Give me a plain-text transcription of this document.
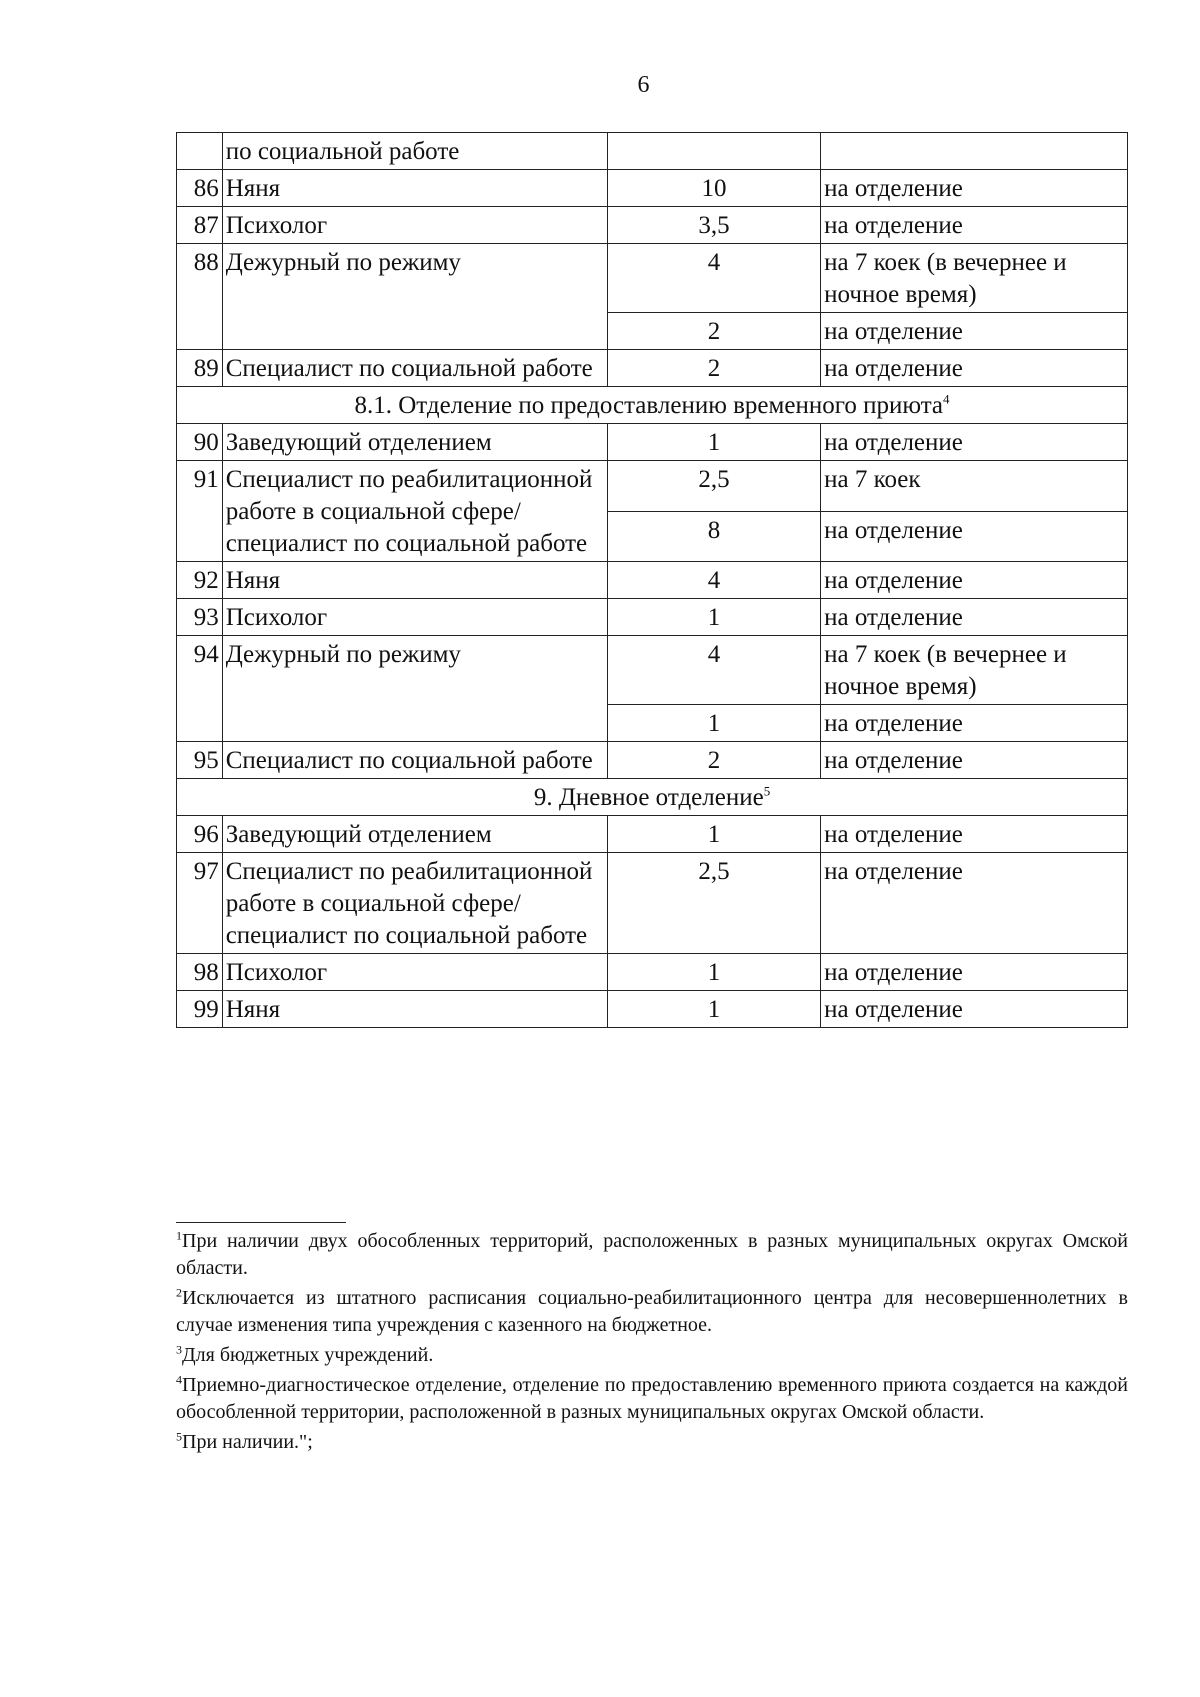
6
	по социальной работе		
86	Няня	10	на отделение
87	Психолог	3,5	на отделение
88	Дежурный по режиму	4	на 7 коек (в вечернее и ночное время)
		2	на отделение
89	Специалист по социальной работе	2	на отделение
8.1. Отделение по предоставлению временного приюта$^4$
90	Заведующий отделением	1	на отделение
91	Специалист по реабилитационной работе в социальной сфере/специалист по социальной работе	2,5	на 7 коек
		8	на отделение
92	Няня	4	на отделение
93	Психолог	1	на отделение
94	Дежурный по режиму	4	на 7 коек (в вечернее и ночное время)
		1	на отделение
95	Специалист по социальной работе	2	на отделение
9. Дневное отделение$^5$
96	Заведующий отделением	1	на отделение
97	Специалист по реабилитационной работе в социальной сфере/специалист по социальной работе	2,5	на отделение
98	Психолог	1	на отделение
99	Няня	1	на отделение
$^1$При наличии двух обособленных территорий, расположенных в разных муниципальных округах Омской области.
$^2$Исключается из штатного расписания социально-реабилитационного центра для несовершеннолетних в случае изменения типа учреждения с казенного на бюджетное.
$^3$Для бюджетных учреждений.
$^4$Приемно-диагностическое отделение, отделение по предоставлению временного приюта создается на каждой обособленной территории, расположенной в разных муниципальных округах Омской области.
$^5$При наличии.";
